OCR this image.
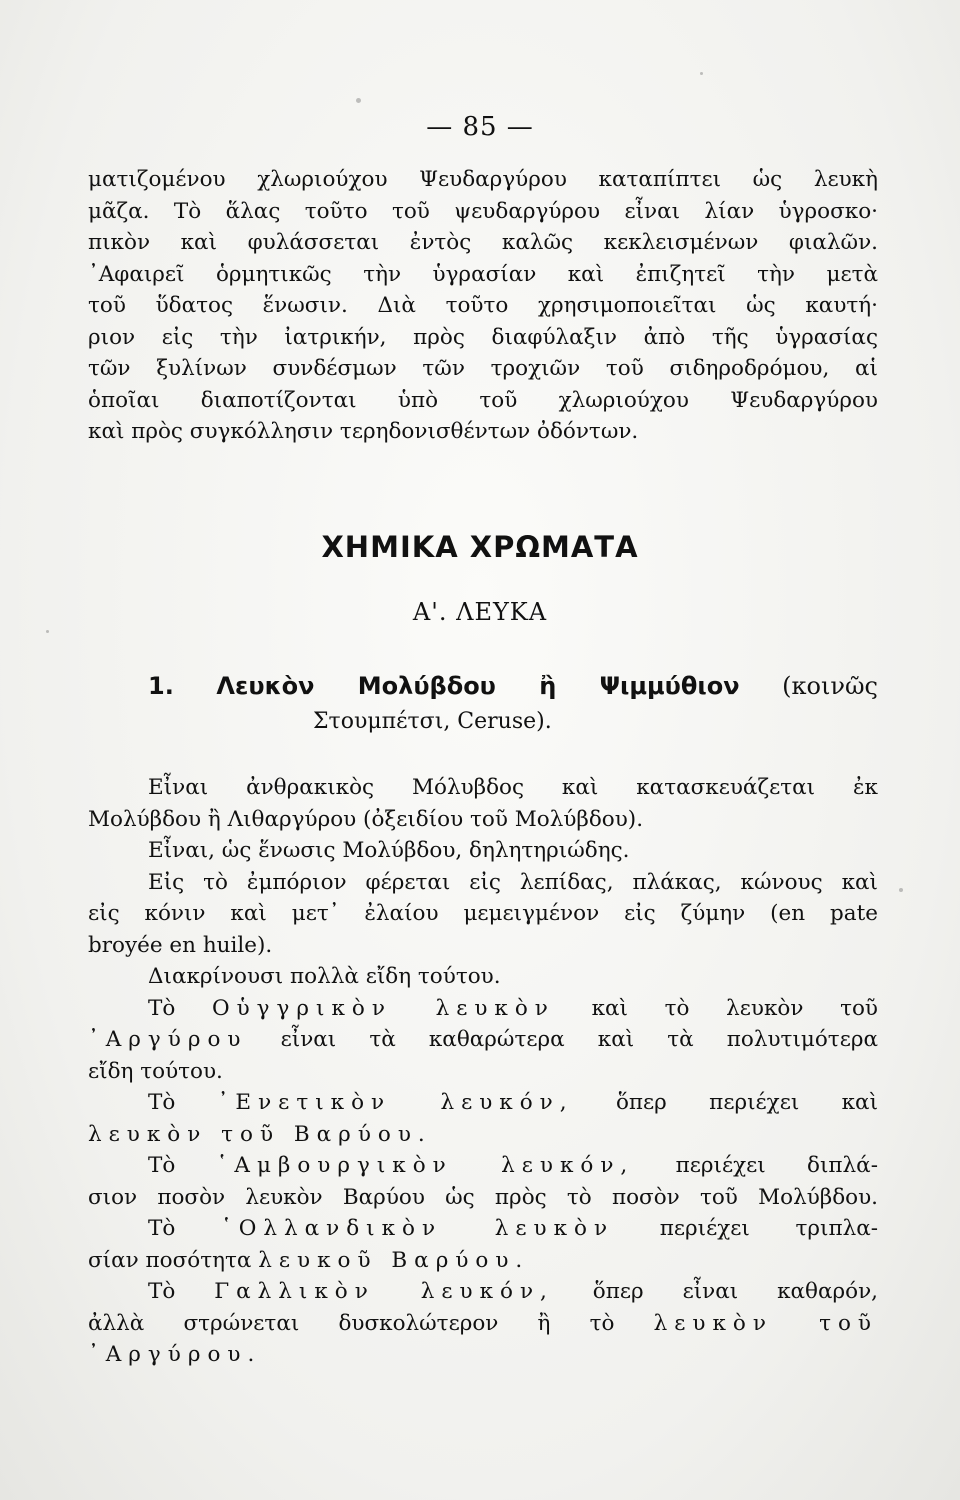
— 85 —

ματιζομένου χλωριούχου Ψευδαργύρου καταπίπτει ὡς λευκὴ

μᾶζα. Τὸ ἅλας τοῦτο τοῦ ψευδαργύρου εἶναι λίαν ὑγροσκο·

πικὸν καὶ φυλάσσεται ἐντὸς καλῶς κεκλεισμένων φιαλῶν.

᾿Αφαιρεῖ ὁρμητικῶς τὴν ὑγρασίαν καὶ ἐπιζητεῖ τὴν μετὰ

τοῦ ὕδατος ἕνωσιν. Διὰ τοῦτο χρησιμοποιεῖται ὡς καυτή·

ριον εἰς τὴν ἰατρικήν, πρὸς διαφύλαξιν ἀπὸ τῆς ὑγρασίας

τῶν ξυλίνων συνδέσμων τῶν τροχιῶν τοῦ σιδηροδρόμου, αἱ

ὁποῖαι διαποτίζονται ὑπὸ τοῦ χλωριούχου Ψευδαργύρου

καὶ πρὸς συγκόλλησιν τερηδονισθέντων ὀδόντων.

ΧΗΜΙΚΑ ΧΡΩΜΑΤΑ
Α'. ΛΕΥΚΑ

1. Λευκὸν Μολύβδου ἢ Ψιμμύθιον (κοινῶς

Στουμπέτσι, Ceruse).

Εἶναι ἀνθρακικὸς Μόλυβδος καὶ κατασκευάζεται ἐκ

Μολύβδου ἢ Λιθαργύρου (ὀξειδίου τοῦ Μολύβδου).

Εἶναι, ὡς ἕνωσις Μολύβδου, δηλητηριώδης.

Εἰς τὸ ἐμπόριον φέρεται εἰς λεπίδας, πλάκας, κώνους καὶ

εἰς κόνιν καὶ μετ᾿ ἐλαίου μεμειγμένον εἰς ζύμην (en pate

broyée en huile).

Διακρίνουσι πολλὰ εἴδη τούτου.

Τὸ Οὑγγρικὸν λευκὸν καὶ τὸ λευκὸν τοῦ

᾿Αργύρου εἶναι τὰ καθαρώτερα καὶ τὰ πολυτιμότερα

εἴδη τούτου.

Τὸ ᾿Ενετικὸν λευκόν, ὅπερ περιέχει καὶ

λευκὸν τοῦ Βαρύου.

Τὸ ῾Αμβουργικὸν λευκόν, περιέχει διπλά-

σιον ποσὸν λευκὸν Βαρύου ὡς πρὸς τὸ ποσὸν τοῦ Μολύβδου.

Τὸ ῾Ολλανδικὸν λευκὸν περιέχει τριπλα-

σίαν ποσότητα λευκοῦ Βαρύου.

Τὸ Γαλλικὸν λευκόν, ὅπερ εἶναι καθαρόν,

ἀλλὰ στρώνεται δυσκολώτερον ἢ τὸ λευκὸν τοῦ

᾿Αργύρου.
